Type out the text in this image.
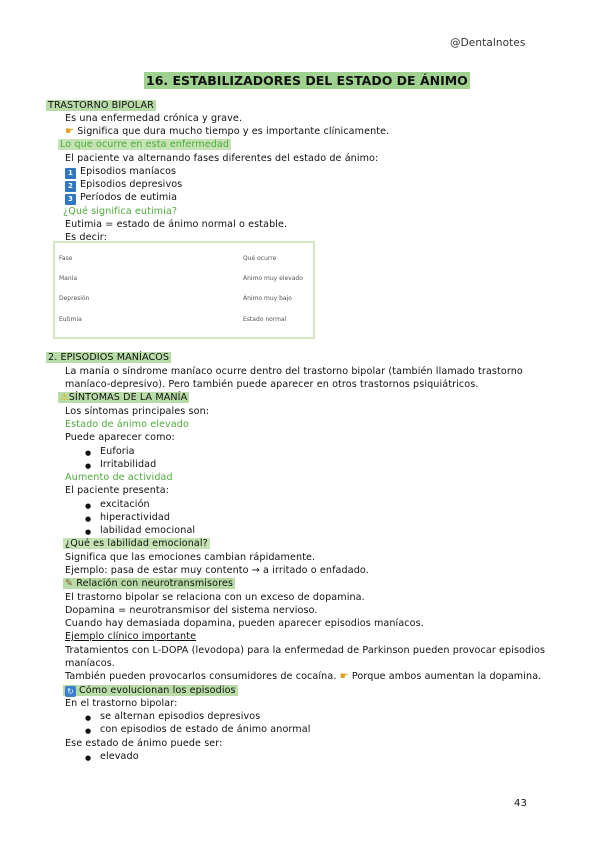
@Dentalnotes
16. ESTABILIZADORES DEL ESTADO DE ÁNIMO
TRASTORNO BIPOLAR
Es una enfermedad crónica y grave.
☛ Significa que dura mucho tiempo y es importante clínicamente.
Lo que ocurre en esta enfermedad
El paciente va alternando fases diferentes del estado de ánimo:
1 Episodios maníacos
2 Episodios depresivos
3 Períodos de eutimia
¿Qué significa eutimia?
Eutimia = estado de ánimo normal o estable.
Es decir:
Fase	Qué ocurre
Manía	Ánimo muy elevado
Depresión	Ánimo muy bajo
Eutimia	Estado normal
2. EPISODIOS MANÍACOS
La manía o síndrome maníaco ocurre dentro del trastorno bipolar (también llamado trastorno
maníaco-depresivo). Pero también puede aparecer en otros trastornos psiquiátricos.
⚠SÍNTOMAS DE LA MANÍA
Los síntomas principales son:
Estado de ánimo elevado
Puede aparecer como:
● Euforia
● Irritabilidad
Aumento de actividad
El paciente presenta:
● excitación
● hiperactividad
● labilidad emocional
¿Qué es labilidad emocional?
Significa que las emociones cambian rápidamente.
Ejemplo: pasa de estar muy contento → a irritado o enfadado.
✎ Relación con neurotransmisores
El trastorno bipolar se relaciona con un exceso de dopamina.
Dopamina = neurotransmisor del sistema nervioso.
Cuando hay demasiada dopamina, pueden aparecer episodios maníacos.
Ejemplo clínico importante
Tratamientos con L-DOPA (levodopa) para la enfermedad de Parkinson pueden provocar episodios
maníacos.
También pueden provocarlos consumidores de cocaína. ☛ Porque ambos aumentan la dopamina.
↻ Cómo evolucionan los episodios
En el trastorno bipolar:
● se alternan episodios depresivos
● con episodios de estado de ánimo anormal
Ese estado de ánimo puede ser:
● elevado
43
